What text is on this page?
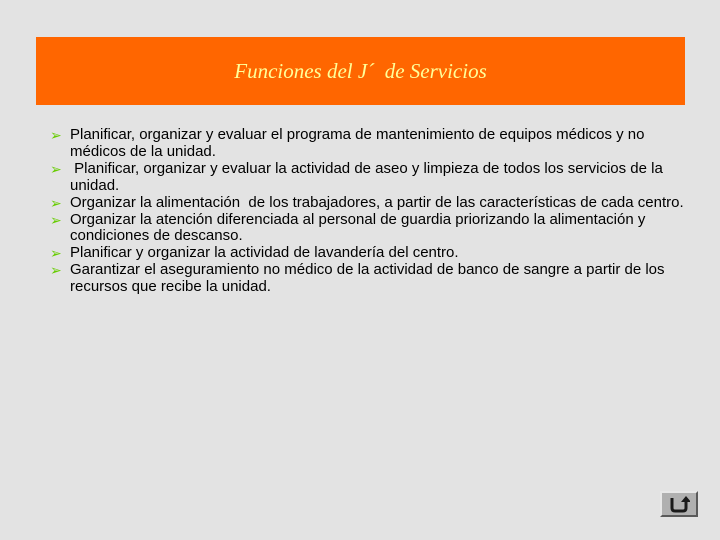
Funciones del J´  de Servicios
➢ Planificar, organizar y evaluar el programa de mantenimiento de equipos médicos y no médicos de la unidad.
➢ Planificar, organizar y evaluar la actividad de aseo y limpieza de todos los servicios de la unidad.
➢ Organizar la alimentación  de los trabajadores, a partir de las características de cada centro.
➢ Organizar la atención diferenciada al personal de guardia priorizando la alimentación y condiciones de descanso.
➢ Planificar y organizar la actividad de lavandería del centro.
➢ Garantizar el aseguramiento no médico de la actividad de banco de sangre a partir de los recursos que recibe la unidad.
